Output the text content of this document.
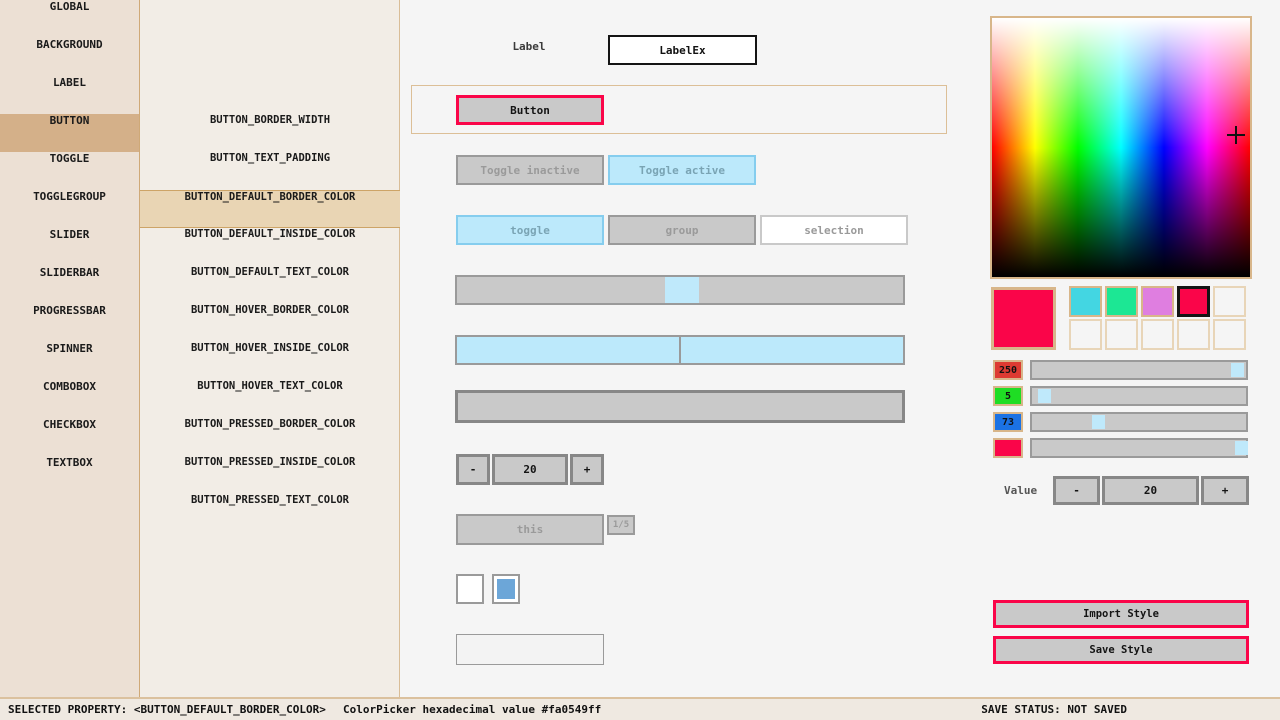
GLOBAL
BACKGROUND
LABEL
BUTTON
TOGGLE
TOGGLEGROUP
SLIDER
SLIDERBAR
PROGRESSBAR
SPINNER
COMBOBOX
CHECKBOX
TEXTBOX
BUTTON_BORDER_WIDTH
BUTTON_TEXT_PADDING
BUTTON_DEFAULT_BORDER_COLOR
BUTTON_DEFAULT_INSIDE_COLOR
BUTTON_DEFAULT_TEXT_COLOR
BUTTON_HOVER_BORDER_COLOR
BUTTON_HOVER_INSIDE_COLOR
BUTTON_HOVER_TEXT_COLOR
BUTTON_PRESSED_BORDER_COLOR
BUTTON_PRESSED_INSIDE_COLOR
BUTTON_PRESSED_TEXT_COLOR
Label	LabelEx
Button
Toggle inactive	Toggle active
toggle	group	selection
-	20	+
this	1/5
250
5
73
Value	-	20	+
Import Style
Save Style
SELECTED PROPERTY: <BUTTON_DEFAULT_BORDER_COLOR> ColorPicker hexadecimal value #fa0549ff	SAVE STATUS: NOT SAVED
